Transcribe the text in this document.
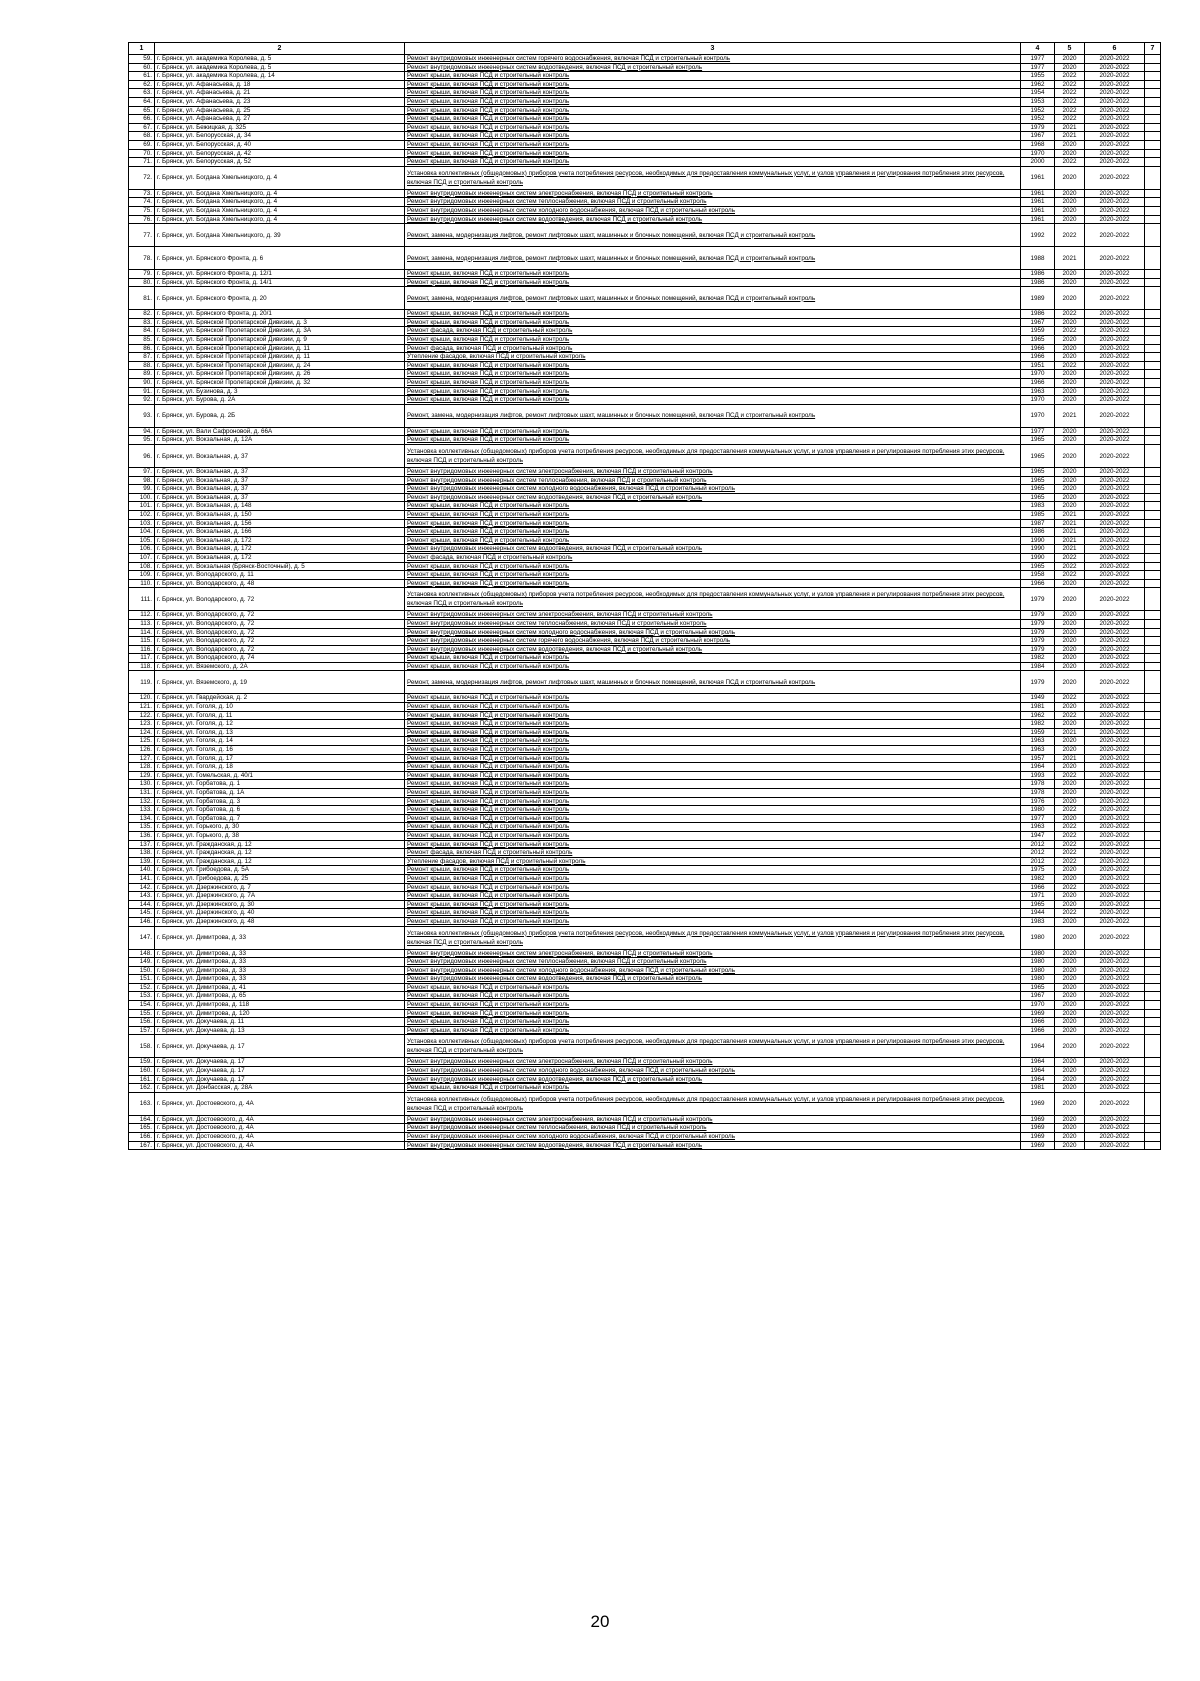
1	2	3	4	5	6	7
59.	г. Брянск, ул. академика Королева, д. 5	Ремонт внутридомовых инженерных систем горячего водоснабжения, включая ПСД и строительный контроль	1977	2020	2020-2022	
60.	г. Брянск, ул. академика Королева, д. 5	Ремонт внутридомовых инженерных систем водоотведения, включая ПСД и строительный контроль	1977	2020	2020-2022	
61.	г. Брянск, ул. академика Королева, д. 14	Ремонт крыши, включая ПСД и строительный контроль	1955	2022	2020-2022	
62.	г. Брянск, ул. Афанасьева, д. 18	Ремонт крыши, включая ПСД и строительный контроль	1962	2022	2020-2022	
63.	г. Брянск, ул. Афанасьева, д. 21	Ремонт крыши, включая ПСД и строительный контроль	1954	2022	2020-2022	
64.	г. Брянск, ул. Афанасьева, д. 23	Ремонт крыши, включая ПСД и строительный контроль	1953	2022	2020-2022	
65.	г. Брянск, ул. Афанасьева, д. 25	Ремонт крыши, включая ПСД и строительный контроль	1952	2022	2020-2022	
66.	г. Брянск, ул. Афанасьева, д. 27	Ремонт крыши, включая ПСД и строительный контроль	1952	2022	2020-2022	
67.	г. Брянск, ул. Бежицкая, д. 325	Ремонт крыши, включая ПСД и строительный контроль	1979	2021	2020-2022	
68.	г. Брянск, ул. Белорусская, д. 34	Ремонт крыши, включая ПСД и строительный контроль	1967	2021	2020-2022	
69.	г. Брянск, ул. Белорусская, д. 40	Ремонт крыши, включая ПСД и строительный контроль	1968	2020	2020-2022	
70.	г. Брянск, ул. Белорусская, д. 42	Ремонт крыши, включая ПСД и строительный контроль	1970	2020	2020-2022	
71.	г. Брянск, ул. Белорусская, д. 52	Ремонт крыши, включая ПСД и строительный контроль	2000	2022	2020-2022	
72.	г. Брянск, ул. Богдана Хмельницкого, д. 4	Установка коллективных (общедомовых) приборов учета потребления ресурсов, необходимых для предоставления коммунальных услуг, и узлов управления и регулирования потребления этих ресурсов, включая ПСД и строительный контроль	1961	2020	2020-2022	
73.	г. Брянск, ул. Богдана Хмельницкого, д. 4	Ремонт внутридомовых инженерных систем электроснабжения, включая ПСД и строительный контроль	1961	2020	2020-2022	
74.	г. Брянск, ул. Богдана Хмельницкого, д. 4	Ремонт внутридомовых инженерных систем теплоснабжения, включая ПСД и строительный контроль	1961	2020	2020-2022	
75.	г. Брянск, ул. Богдана Хмельницкого, д. 4	Ремонт внутридомовых инженерных систем холодного водоснабжения, включая ПСД и строительный контроль	1961	2020	2020-2022	
76.	г. Брянск, ул. Богдана Хмельницкого, д. 4	Ремонт внутридомовых инженерных систем водоотведения, включая ПСД и строительный контроль	1961	2020	2020-2022	
77.	г. Брянск, ул. Богдана Хмельницкого, д. 39	Ремонт, замена, модернизация лифтов, ремонт лифтовых шахт, машинных и блочных помещений, включая ПСД и строительный контроль	1992	2022	2020-2022	
78.	г. Брянск, ул. Брянского Фронта, д. 6	Ремонт, замена, модернизация лифтов, ремонт лифтовых шахт, машинных и блочных помещений, включая ПСД и строительный контроль	1988	2021	2020-2022	
79.	г. Брянск, ул. Брянского Фронта, д. 12/1	Ремонт крыши, включая ПСД и строительный контроль	1986	2020	2020-2022	
80.	г. Брянск, ул. Брянского Фронта, д. 14/1	Ремонт крыши, включая ПСД и строительный контроль	1986	2020	2020-2022	
81.	г. Брянск, ул. Брянского Фронта, д. 20	Ремонт, замена, модернизация лифтов, ремонт лифтовых шахт, машинных и блочных помещений, включая ПСД и строительный контроль	1989	2020	2020-2022	
82.	г. Брянск, ул. Брянского Фронта, д. 20/1	Ремонт крыши, включая ПСД и строительный контроль	1986	2022	2020-2022	
83.	г. Брянск, ул. Брянской Пролетарской Дивизии, д. 3	Ремонт крыши, включая ПСД и строительный контроль	1967	2020	2020-2022	
84.	г. Брянск, ул. Брянской Пролетарской Дивизии, д. 3А	Ремонт фасада, включая ПСД и строительный контроль	1959	2022	2020-2022	
85.	г. Брянск, ул. Брянской Пролетарской Дивизии, д. 9	Ремонт крыши, включая ПСД и строительный контроль	1965	2020	2020-2022	
86.	г. Брянск, ул. Брянской Пролетарской Дивизии, д. 11	Ремонт фасада, включая ПСД и строительный контроль	1966	2020	2020-2022	
87.	г. Брянск, ул. Брянской Пролетарской Дивизии, д. 11	Утепление фасадов, включая ПСД и строительный контроль	1966	2020	2020-2022	
88.	г. Брянск, ул. Брянской Пролетарской Дивизии, д. 24	Ремонт крыши, включая ПСД и строительный контроль	1951	2022	2020-2022	
89.	г. Брянск, ул. Брянской Пролетарской Дивизии, д. 26	Ремонт крыши, включая ПСД и строительный контроль	1970	2020	2020-2022	
90.	г. Брянск, ул. Брянской Пролетарской Дивизии, д. 32	Ремонт крыши, включая ПСД и строительный контроль	1966	2020	2020-2022	
91.	г. Брянск, ул. Бузинова, д. 3	Ремонт крыши, включая ПСД и строительный контроль	1963	2020	2020-2022	
92.	г. Брянск, ул. Бурова, д. 2А	Ремонт крыши, включая ПСД и строительный контроль	1970	2020	2020-2022	
93.	г. Брянск, ул. Бурова, д. 2Б	Ремонт, замена, модернизация лифтов, ремонт лифтовых шахт, машинных и блочных помещений, включая ПСД и строительный контроль	1970	2021	2020-2022	
94.	г. Брянск, ул. Вали Сафроновой, д. 66А	Ремонт крыши, включая ПСД и строительный контроль	1977	2020	2020-2022	
95.	г. Брянск, ул. Вокзальная, д. 12А	Ремонт крыши, включая ПСД и строительный контроль	1965	2020	2020-2022	
96.	г. Брянск, ул. Вокзальная, д. 37	Установка коллективных (общедомовых) приборов учета потребления ресурсов, необходимых для предоставления коммунальных услуг, и узлов управления и регулирования потребления этих ресурсов, включая ПСД и строительный контроль	1965	2020	2020-2022	
97.	г. Брянск, ул. Вокзальная, д. 37	Ремонт внутридомовых инженерных систем электроснабжения, включая ПСД и строительный контроль	1965	2020	2020-2022	
98.	г. Брянск, ул. Вокзальная, д. 37	Ремонт внутридомовых инженерных систем теплоснабжения, включая ПСД и строительный контроль	1965	2020	2020-2022	
99.	г. Брянск, ул. Вокзальная, д. 37	Ремонт внутридомовых инженерных систем холодного водоснабжения, включая ПСД и строительный контроль	1965	2020	2020-2022	
100.	г. Брянск, ул. Вокзальная, д. 37	Ремонт внутридомовых инженерных систем водоотведения, включая ПСД и строительный контроль	1965	2020	2020-2022	
101.	г. Брянск, ул. Вокзальная, д. 148	Ремонт крыши, включая ПСД и строительный контроль	1983	2020	2020-2022	
102.	г. Брянск, ул. Вокзальная, д. 150	Ремонт крыши, включая ПСД и строительный контроль	1985	2021	2020-2022	
103.	г. Брянск, ул. Вокзальная, д. 156	Ремонт крыши, включая ПСД и строительный контроль	1987	2021	2020-2022	
104.	г. Брянск, ул. Вокзальная, д. 166	Ремонт крыши, включая ПСД и строительный контроль	1986	2021	2020-2022	
105.	г. Брянск, ул. Вокзальная, д. 172	Ремонт крыши, включая ПСД и строительный контроль	1990	2021	2020-2022	
106.	г. Брянск, ул. Вокзальная, д. 172	Ремонт внутридомовых инженерных систем водоотведения, включая ПСД и строительный контроль	1990	2021	2020-2022	
107.	г. Брянск, ул. Вокзальная, д. 172	Ремонт фасада, включая ПСД и строительный контроль	1990	2022	2020-2022	
108.	г. Брянск, ул. Вокзальная (Брянск-Восточный), д. 5	Ремонт крыши, включая ПСД и строительный контроль	1965	2022	2020-2022	
109.	г. Брянск, ул. Володарского, д. 11	Ремонт крыши, включая ПСД и строительный контроль	1958	2022	2020-2022	
110.	г. Брянск, ул. Володарского, д. 48	Ремонт крыши, включая ПСД и строительный контроль	1966	2020	2020-2022	
111.	г. Брянск, ул. Володарского, д. 72	Установка коллективных (общедомовых) приборов учета потребления ресурсов, необходимых для предоставления коммунальных услуг, и узлов управления и регулирования потребления этих ресурсов, включая ПСД и строительный контроль	1979	2020	2020-2022	
112.	г. Брянск, ул. Володарского, д. 72	Ремонт внутридомовых инженерных систем электроснабжения, включая ПСД и строительный контроль	1979	2020	2020-2022	
113.	г. Брянск, ул. Володарского, д. 72	Ремонт внутридомовых инженерных систем теплоснабжения, включая ПСД и строительный контроль	1979	2020	2020-2022	
114.	г. Брянск, ул. Володарского, д. 72	Ремонт внутридомовых инженерных систем холодного водоснабжения, включая ПСД и строительный контроль	1979	2020	2020-2022	
115.	г. Брянск, ул. Володарского, д. 72	Ремонт внутридомовых инженерных систем горячего водоснабжения, включая ПСД и строительный контроль	1979	2020	2020-2022	
116.	г. Брянск, ул. Володарского, д. 72	Ремонт внутридомовых инженерных систем водоотведения, включая ПСД и строительный контроль	1979	2020	2020-2022	
117.	г. Брянск, ул. Володарского, д. 74	Ремонт крыши, включая ПСД и строительный контроль	1982	2020	2020-2022	
118.	г. Брянск, ул. Вяземского, д. 2А	Ремонт крыши, включая ПСД и строительный контроль	1984	2020	2020-2022	
119.	г. Брянск, ул. Вяземского, д. 19	Ремонт, замена, модернизация лифтов, ремонт лифтовых шахт, машинных и блочных помещений, включая ПСД и строительный контроль	1979	2020	2020-2022	
120.	г. Брянск, ул. Гвардейская, д. 2	Ремонт крыши, включая ПСД и строительный контроль	1949	2022	2020-2022	
121.	г. Брянск, ул. Гоголя, д. 10	Ремонт крыши, включая ПСД и строительный контроль	1981	2020	2020-2022	
122.	г. Брянск, ул. Гоголя, д. 11	Ремонт крыши, включая ПСД и строительный контроль	1962	2022	2020-2022	
123.	г. Брянск, ул. Гоголя, д. 12	Ремонт крыши, включая ПСД и строительный контроль	1982	2020	2020-2022	
124.	г. Брянск, ул. Гоголя, д. 13	Ремонт крыши, включая ПСД и строительный контроль	1959	2021	2020-2022	
125.	г. Брянск, ул. Гоголя, д. 14	Ремонт крыши, включая ПСД и строительный контроль	1963	2020	2020-2022	
126.	г. Брянск, ул. Гоголя, д. 16	Ремонт крыши, включая ПСД и строительный контроль	1963	2020	2020-2022	
127.	г. Брянск, ул. Гоголя, д. 17	Ремонт крыши, включая ПСД и строительный контроль	1957	2021	2020-2022	
128.	г. Брянск, ул. Гоголя, д. 18	Ремонт крыши, включая ПСД и строительный контроль	1964	2020	2020-2022	
129.	г. Брянск, ул. Гомельская, д. 40/1	Ремонт крыши, включая ПСД и строительный контроль	1993	2022	2020-2022	
130.	г. Брянск, ул. Горбатова, д. 1	Ремонт крыши, включая ПСД и строительный контроль	1978	2020	2020-2022	
131.	г. Брянск, ул. Горбатова, д. 1А	Ремонт крыши, включая ПСД и строительный контроль	1978	2020	2020-2022	
132.	г. Брянск, ул. Горбатова, д. 3	Ремонт крыши, включая ПСД и строительный контроль	1976	2020	2020-2022	
133.	г. Брянск, ул. Горбатова, д. 6	Ремонт крыши, включая ПСД и строительный контроль	1980	2022	2020-2022	
134.	г. Брянск, ул. Горбатова, д. 7	Ремонт крыши, включая ПСД и строительный контроль	1977	2020	2020-2022	
135.	г. Брянск, ул. Горького, д. 30	Ремонт крыши, включая ПСД и строительный контроль	1963	2022	2020-2022	
136.	г. Брянск, ул. Горького, д. 38	Ремонт крыши, включая ПСД и строительный контроль	1947	2022	2020-2022	
137.	г. Брянск, ул. Гражданская, д. 12	Ремонт крыши, включая ПСД и строительный контроль	2012	2022	2020-2022	
138.	г. Брянск, ул. Гражданская, д. 12	Ремонт фасада, включая ПСД и строительный контроль	2012	2022	2020-2022	
139.	г. Брянск, ул. Гражданская, д. 12	Утепление фасадов, включая ПСД и строительный контроль	2012	2022	2020-2022	
140.	г. Брянск, ул. Грибоедова, д. 5А	Ремонт крыши, включая ПСД и строительный контроль	1975	2020	2020-2022	
141.	г. Брянск, ул. Грибоедова, д. 25	Ремонт крыши, включая ПСД и строительный контроль	1982	2020	2020-2022	
142.	г. Брянск, ул. Дзержинского, д. 7	Ремонт крыши, включая ПСД и строительный контроль	1966	2022	2020-2022	
143.	г. Брянск, ул. Дзержинского, д. 7А	Ремонт крыши, включая ПСД и строительный контроль	1971	2020	2020-2022	
144.	г. Брянск, ул. Дзержинского, д. 30	Ремонт крыши, включая ПСД и строительный контроль	1965	2020	2020-2022	
145.	г. Брянск, ул. Дзержинского, д. 40	Ремонт крыши, включая ПСД и строительный контроль	1944	2022	2020-2022	
146.	г. Брянск, ул. Дзержинского, д. 48	Ремонт крыши, включая ПСД и строительный контроль	1983	2020	2020-2022	
147.	г. Брянск, ул. Димитрова, д. 33	Установка коллективных (общедомовых) приборов учета потребления ресурсов, необходимых для предоставления коммунальных услуг, и узлов управления и регулирования потребления этих ресурсов, включая ПСД и строительный контроль	1980	2020	2020-2022	
148.	г. Брянск, ул. Димитрова, д. 33	Ремонт внутридомовых инженерных систем электроснабжения, включая ПСД и строительный контроль	1980	2020	2020-2022	
149.	г. Брянск, ул. Димитрова, д. 33	Ремонт внутридомовых инженерных систем теплоснабжения, включая ПСД и строительный контроль	1980	2020	2020-2022	
150.	г. Брянск, ул. Димитрова, д. 33	Ремонт внутридомовых инженерных систем холодного водоснабжения, включая ПСД и строительный контроль	1980	2020	2020-2022	
151.	г. Брянск, ул. Димитрова, д. 33	Ремонт внутридомовых инженерных систем водоотведения, включая ПСД и строительный контроль	1980	2020	2020-2022	
152.	г. Брянск, ул. Димитрова, д. 41	Ремонт крыши, включая ПСД и строительный контроль	1965	2020	2020-2022	
153.	г. Брянск, ул. Димитрова, д. 65	Ремонт крыши, включая ПСД и строительный контроль	1967	2020	2020-2022	
154.	г. Брянск, ул. Димитрова, д. 118	Ремонт крыши, включая ПСД и строительный контроль	1970	2020	2020-2022	
155.	г. Брянск, ул. Димитрова, д. 120	Ремонт крыши, включая ПСД и строительный контроль	1969	2020	2020-2022	
156.	г. Брянск, ул. Докучаева, д. 11	Ремонт крыши, включая ПСД и строительный контроль	1966	2020	2020-2022	
157.	г. Брянск, ул. Докучаева, д. 13	Ремонт крыши, включая ПСД и строительный контроль	1966	2020	2020-2022	
158.	г. Брянск, ул. Докучаева, д. 17	Установка коллективных (общедомовых) приборов учета потребления ресурсов, необходимых для предоставления коммунальных услуг, и узлов управления и регулирования потребления этих ресурсов, включая ПСД и строительный контроль	1964	2020	2020-2022	
159.	г. Брянск, ул. Докучаева, д. 17	Ремонт внутридомовых инженерных систем электроснабжения, включая ПСД и строительный контроль	1964	2020	2020-2022	
160.	г. Брянск, ул. Докучаева, д. 17	Ремонт внутридомовых инженерных систем холодного водоснабжения, включая ПСД и строительный контроль	1964	2020	2020-2022	
161.	г. Брянск, ул. Докучаева, д. 17	Ремонт внутридомовых инженерных систем водоотведения, включая ПСД и строительный контроль	1964	2020	2020-2022	
162.	г. Брянск, ул. Донбасская, д. 28А	Ремонт крыши, включая ПСД и строительный контроль	1981	2020	2020-2022	
163.	г. Брянск, ул. Достоевского, д. 4А	Установка коллективных (общедомовых) приборов учета потребления ресурсов, необходимых для предоставления коммунальных услуг, и узлов управления и регулирования потребления этих ресурсов, включая ПСД и строительный контроль	1969	2020	2020-2022	
164.	г. Брянск, ул. Достоевского, д. 4А	Ремонт внутридомовых инженерных систем электроснабжения, включая ПСД и строительный контроль	1969	2020	2020-2022	
165.	г. Брянск, ул. Достоевского, д. 4А	Ремонт внутридомовых инженерных систем теплоснабжения, включая ПСД и строительный контроль	1969	2020	2020-2022	
166.	г. Брянск, ул. Достоевского, д. 4А	Ремонт внутридомовых инженерных систем холодного водоснабжения, включая ПСД и строительный контроль	1969	2020	2020-2022	
167.	г. Брянск, ул. Достоевского, д. 4А	Ремонт внутридомовых инженерных систем водоотведения, включая ПСД и строительный контроль	1969	2020	2020-2022	
20
